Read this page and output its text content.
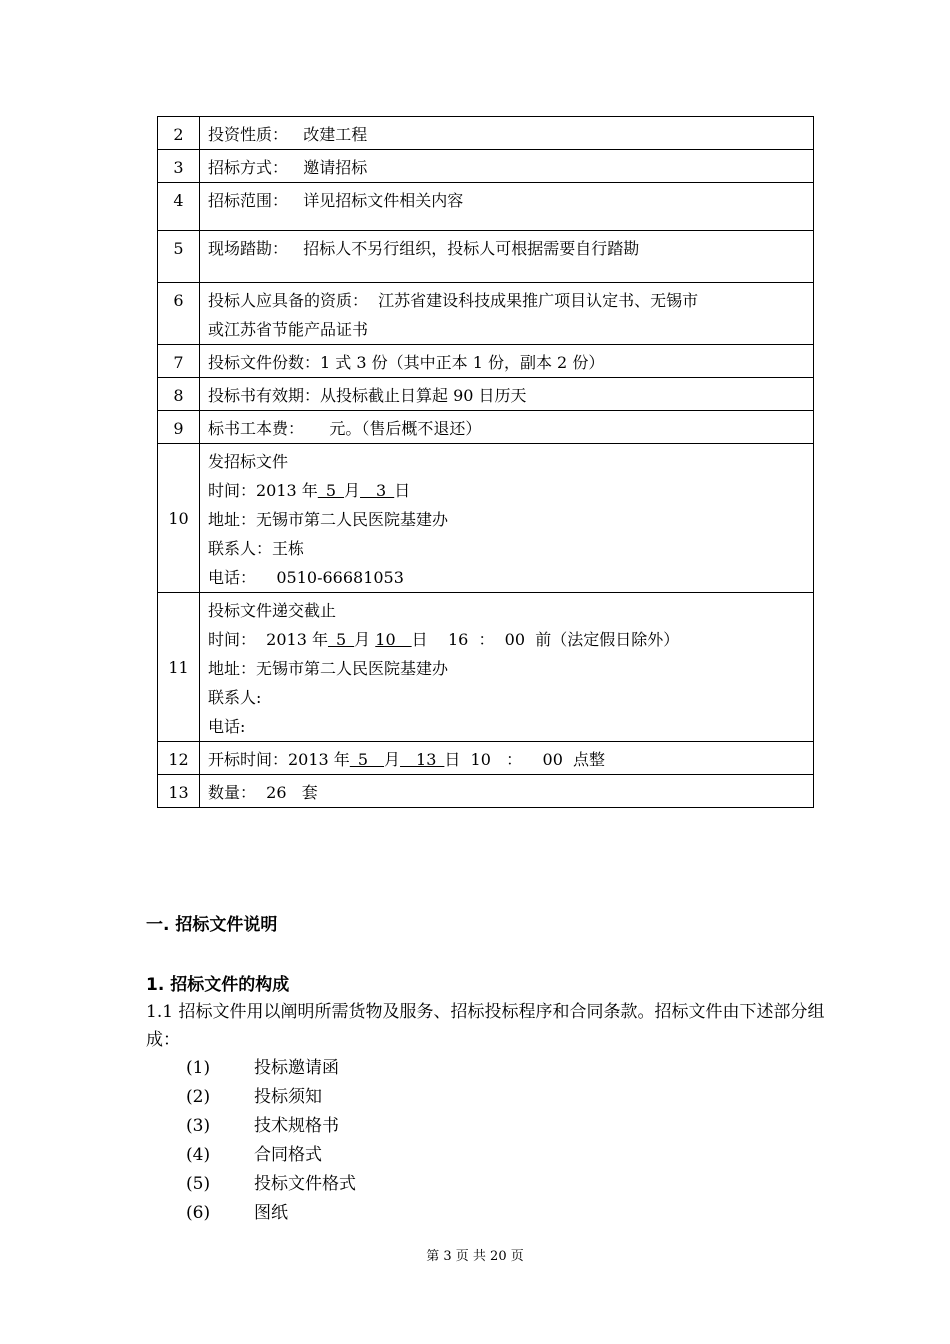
2	投资性质：   改建工程

3	招标方式：   邀请招标

4	招标范围：   详见招标文件相关内容

5	现场踏勘：   招标人不另行组织，投标人可根据需要自行踏勘

6	投标人应具备的资质：  江苏省建设科技成果推广项目认定书、无锡市
或江苏省节能产品证书

7	投标文件份数：1 式 3 份（其中正本 1 份，副本 2 份）

8	投标书有效期：从投标截止日算起 90 日历天

9	标书工本费：     元。（售后概不退还）

10	发招标文件
时间：2013 年 5 月  3 日
地址：无锡市第二人民医院基建办
联系人：王栋
电话：    0510-66681053

11	投标文件递交截止
时间：  2013 年 5 月 10  日    16  ：  00  前（法定假日除外）
地址：无锡市第二人民医院基建办
联系人:
电话:

12	开标时间：2013 年 5  月  13 日  10   ：    00  点整

13	数量：  26   套
一. 招标文件说明
1. 招标文件的构成
1.1 招标文件用以阐明所需货物及服务、招标投标程序和合同条款。招标文件由下述部分组成：
(1)	投标邀请函
(2)	投标须知
(3)	技术规格书
(4)	合同格式
(5)	投标文件格式
(6)	图纸
第 3 页 共 20 页
